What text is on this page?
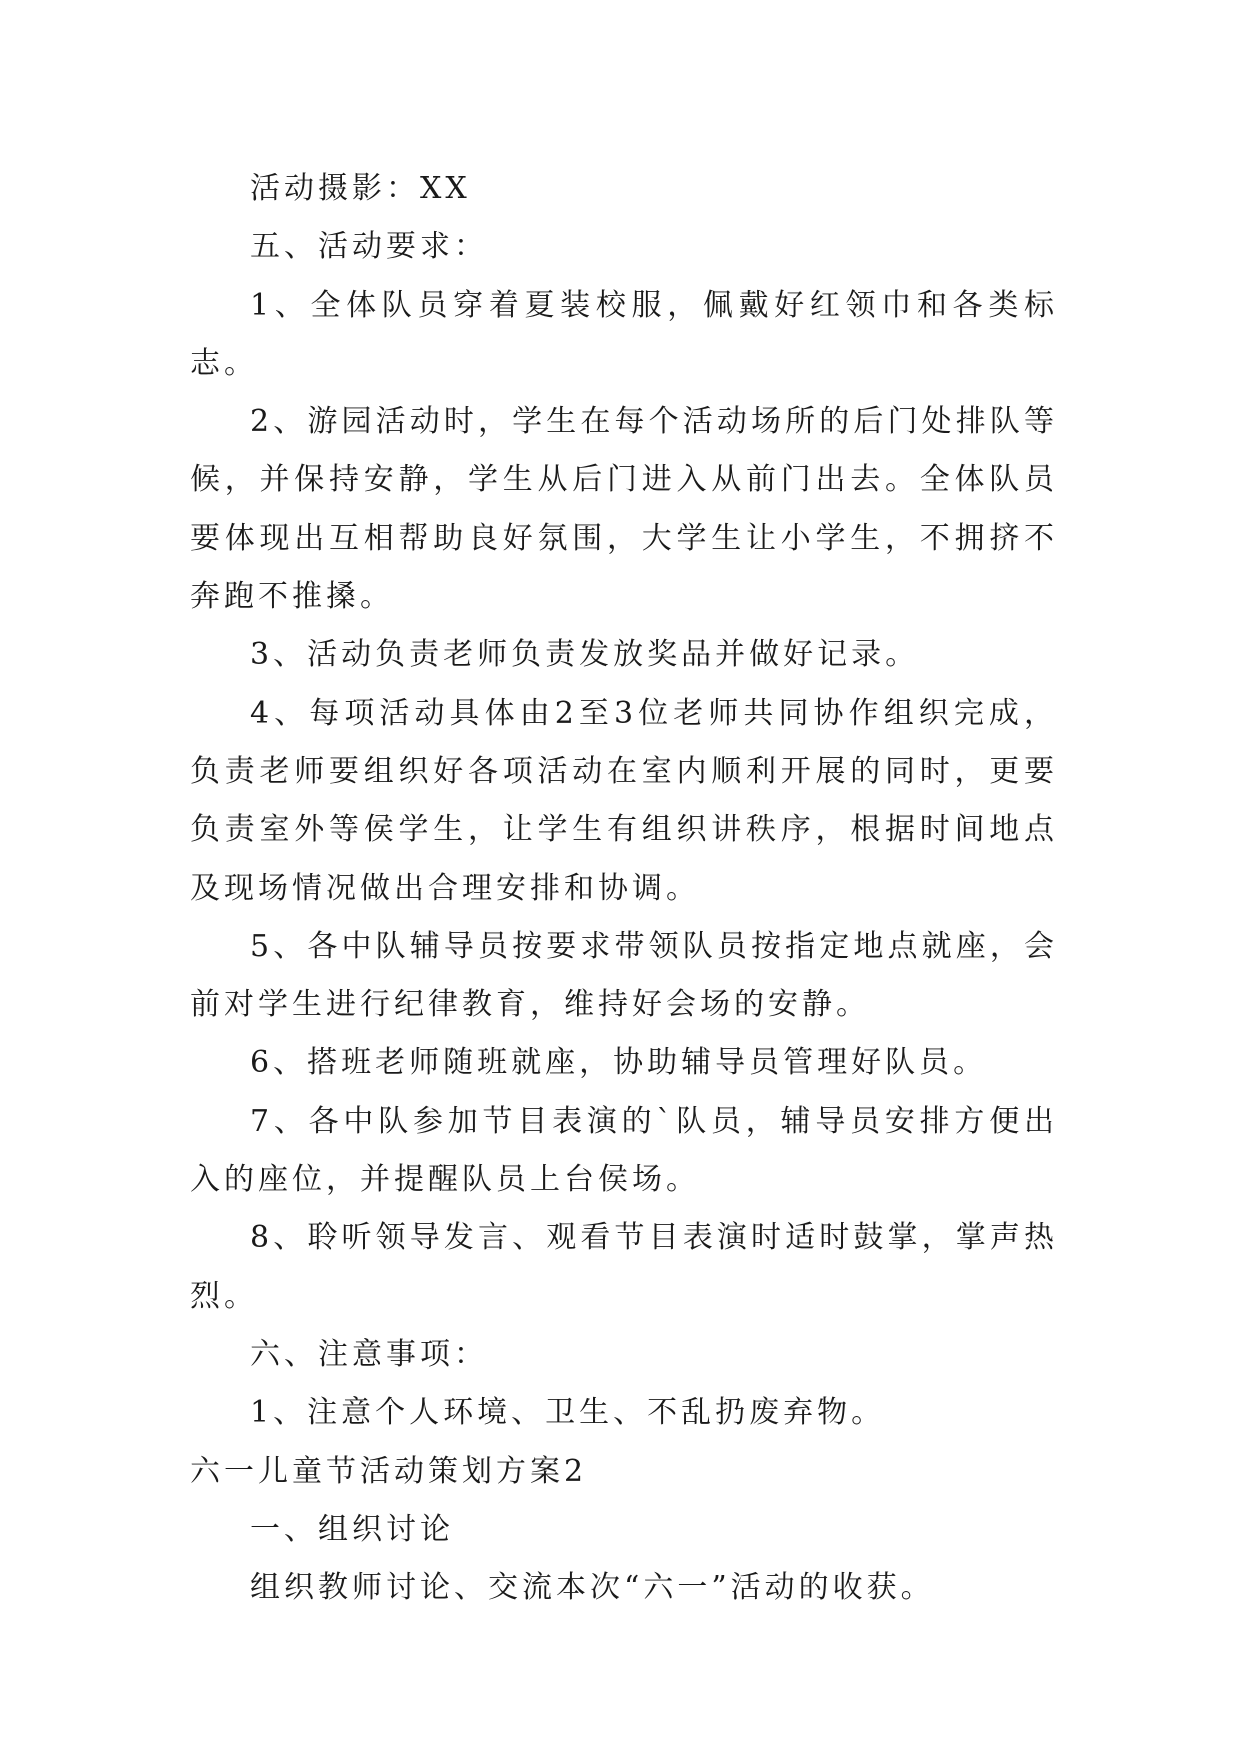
活动摄影：XX

五、活动要求：

1、全体队员穿着夏装校服，佩戴好红领巾和各类标志。

2、游园活动时，学生在每个活动场所的后门处排队等候，并保持安静，学生从后门进入从前门出去。全体队员要体现出互相帮助良好氛围，大学生让小学生，不拥挤不奔跑不推搡。

3、活动负责老师负责发放奖品并做好记录。

4、每项活动具体由2至3位老师共同协作组织完成，负责老师要组织好各项活动在室内顺利开展的同时，更要负责室外等侯学生，让学生有组织讲秩序，根据时间地点及现场情况做出合理安排和协调。

5、各中队辅导员按要求带领队员按指定地点就座，会前对学生进行纪律教育，维持好会场的安静。

6、搭班老师随班就座，协助辅导员管理好队员。

7、各中队参加节目表演的`队员，辅导员安排方便出入的座位，并提醒队员上台侯场。

8、聆听领导发言、观看节目表演时适时鼓掌，掌声热烈。

六、注意事项：

1、注意个人环境、卫生、不乱扔废弃物。

六一儿童节活动策划方案2

一、组织讨论

组织教师讨论、交流本次“六一”活动的收获。
